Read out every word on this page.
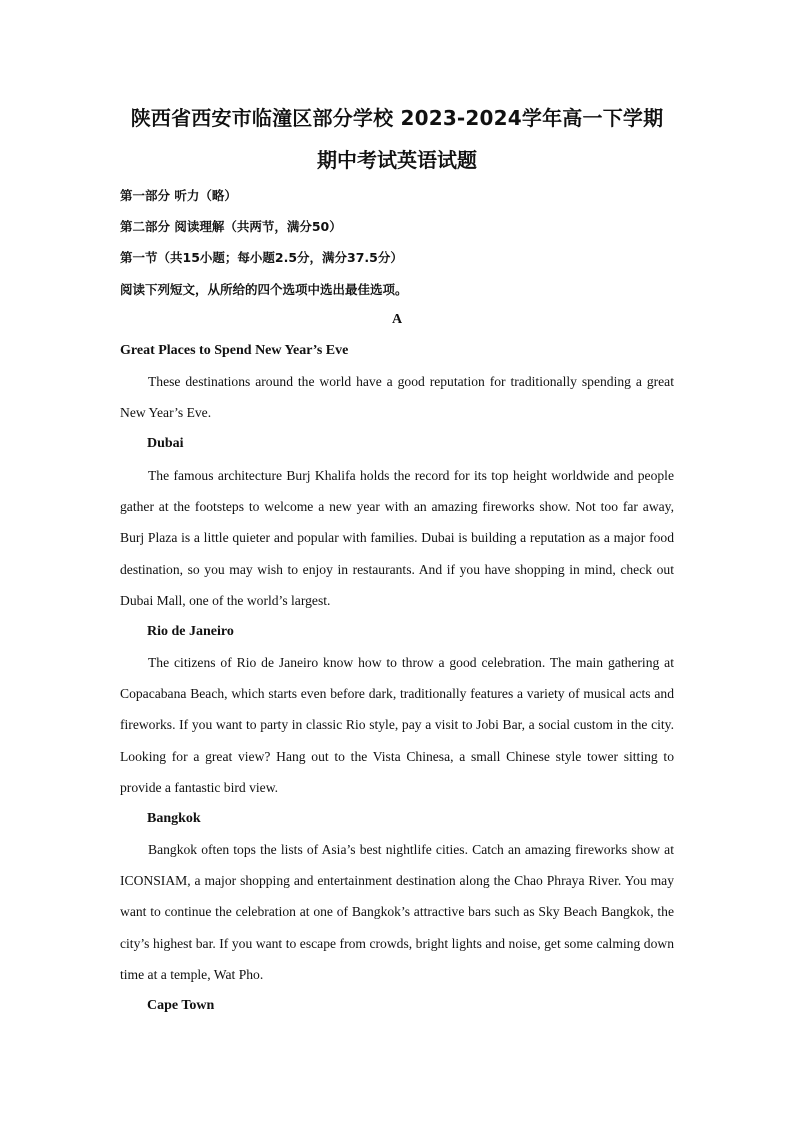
陕西省西安市临潼区部分学校 2023-2024学年高一下学期
期中考试英语试题
第一部分 听力（略）
第二部分 阅读理解（共两节，满分50）
第一节（共15小题；每小题2.5分，满分37.5分）
阅读下列短文，从所给的四个选项中选出最佳选项。
A
Great Places to Spend New Year’s Eve

These destinations around the world have a good reputation for traditionally spending a great New Year’s Eve.

Dubai

The famous architecture Burj Khalifa holds the record for its top height worldwide and people gather at the footsteps to welcome a new year with an amazing fireworks show. Not too far away, Burj Plaza is a little quieter and popular with families. Dubai is building a reputation as a major food destination, so you may wish to enjoy in restaurants. And if you have shopping in mind, check out Dubai Mall, one of the world’s largest.

Rio de Janeiro

The citizens of Rio de Janeiro know how to throw a good celebration. The main gathering at Copacabana Beach, which starts even before dark, traditionally features a variety of musical acts and fireworks. If you want to party in classic Rio style, pay a visit to Jobi Bar, a social custom in the city. Looking for a great view? Hang out to the Vista Chinesa, a small Chinese style tower sitting to provide a fantastic bird view.

Bangkok

Bangkok often tops the lists of Asia’s best nightlife cities. Catch an amazing fireworks show at ICONSIAM, a major shopping and entertainment destination along the Chao Phraya River. You may want to continue the celebration at one of Bangkok’s attractive bars such as Sky Beach Bangkok, the city’s highest bar. If you want to escape from crowds, bright lights and noise, get some calming down time at a temple, Wat Pho.

Cape Town
